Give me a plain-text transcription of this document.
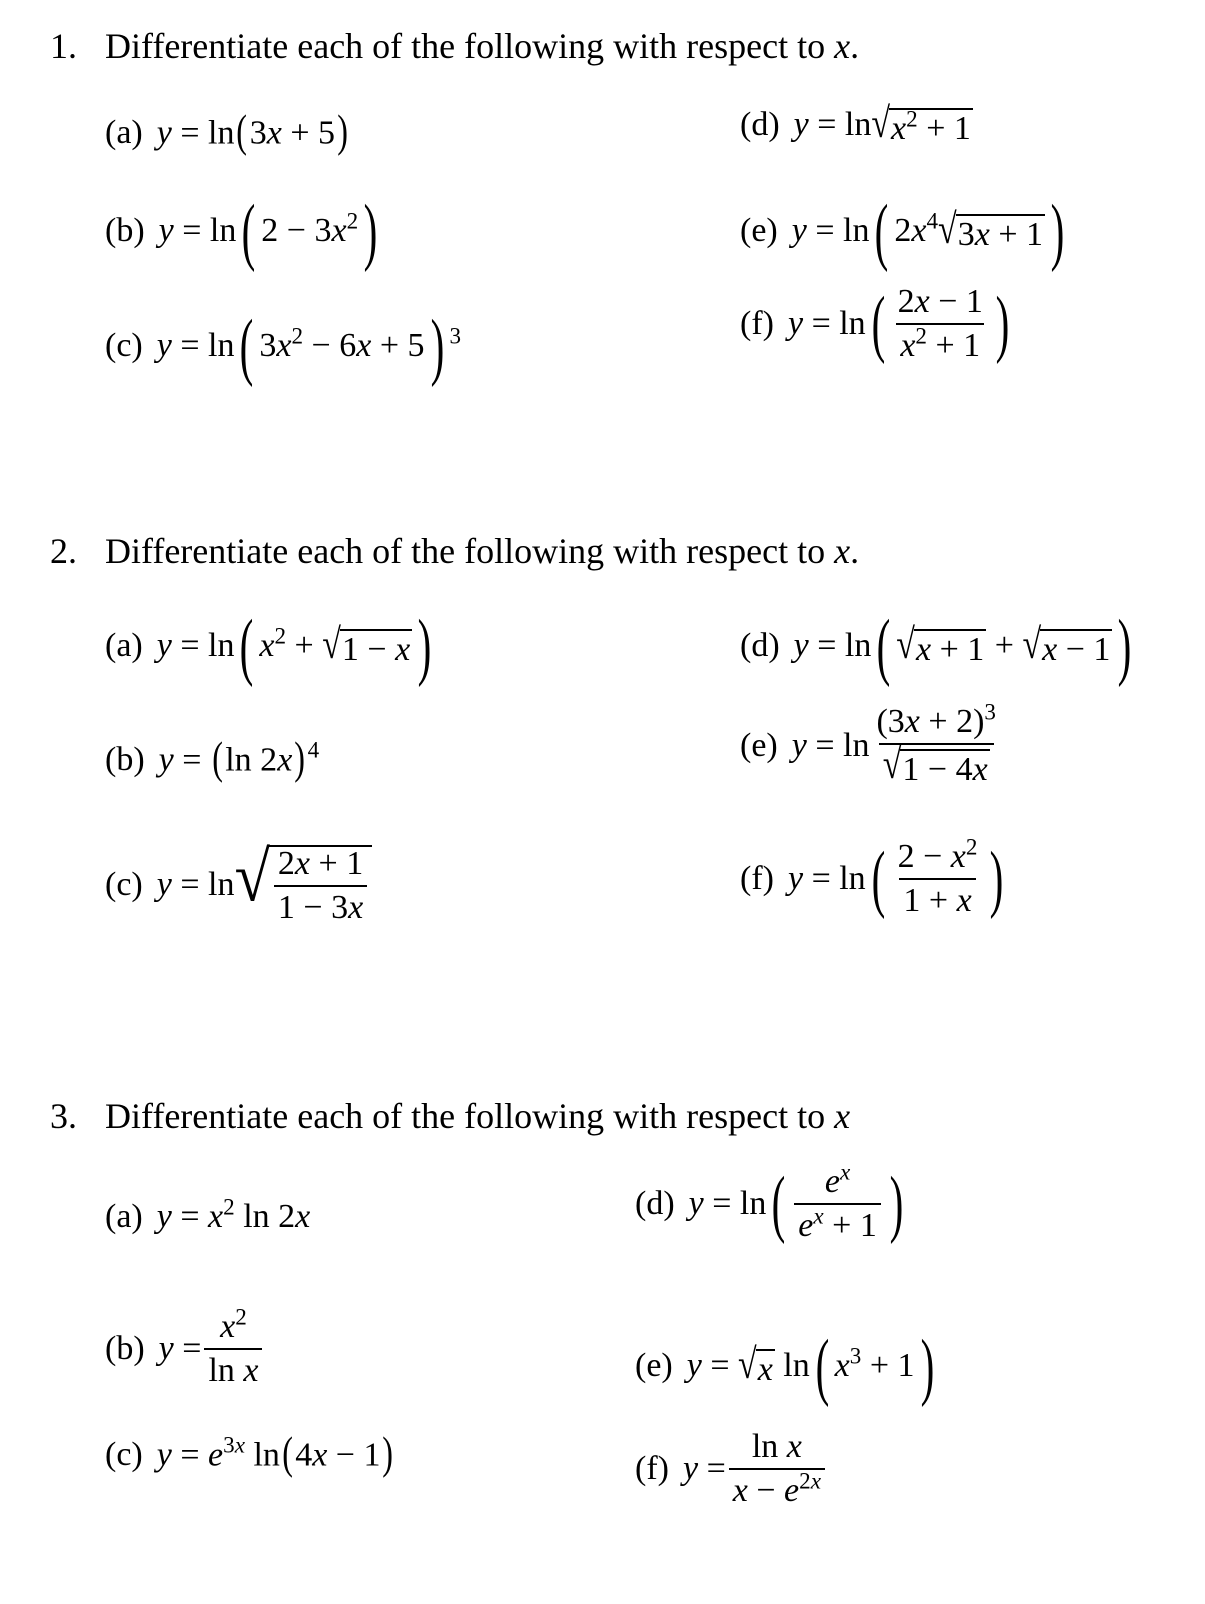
1. Differentiate each of the following with respect to x.
(a) y = ln(3x + 5)	(d) y = ln √ $x^2 + 1$
(b) y = ln( $2 - 3x^2$)	(e) y = ln( $2x^4$ √ 3x + 1 )
(c) y = ln( $3x^2 - 6x + 5$) $^3$	(f) y = ln ( $\frac{2x - 1}{x^2 + 1}$ )
2. Differentiate each of the following with respect to x.
(a) y = ln( $x^2$ + √ 1 − x )	(d) y = ln( √ x + 1 + √ x − 1 )
(b) y = (ln 2x)$^4$	(e) $y = \ln \frac{(3x + 2)^3}{√ 1 - 4x}$
(c) y = ln √ $\frac{2x + 1}{1 - 3x}$	(f) y = ln ( $\frac{2 - x^2}{1 + x}$ )
3. Differentiate each of the following with respect to x
(a) $y = x^2$ ln 2x	(d) y = ln ( $\frac{e^x}{e^x + 1}$ )
(b) $y = \frac{x^2}{\text{ln x}}$	(e) y = √ x ln( $x^3 + 1$)
(c) $y = e^{3x}$ ln(4x − 1)	(f) $y = \frac{\text{ln x}}{x - e^{2x}}$
